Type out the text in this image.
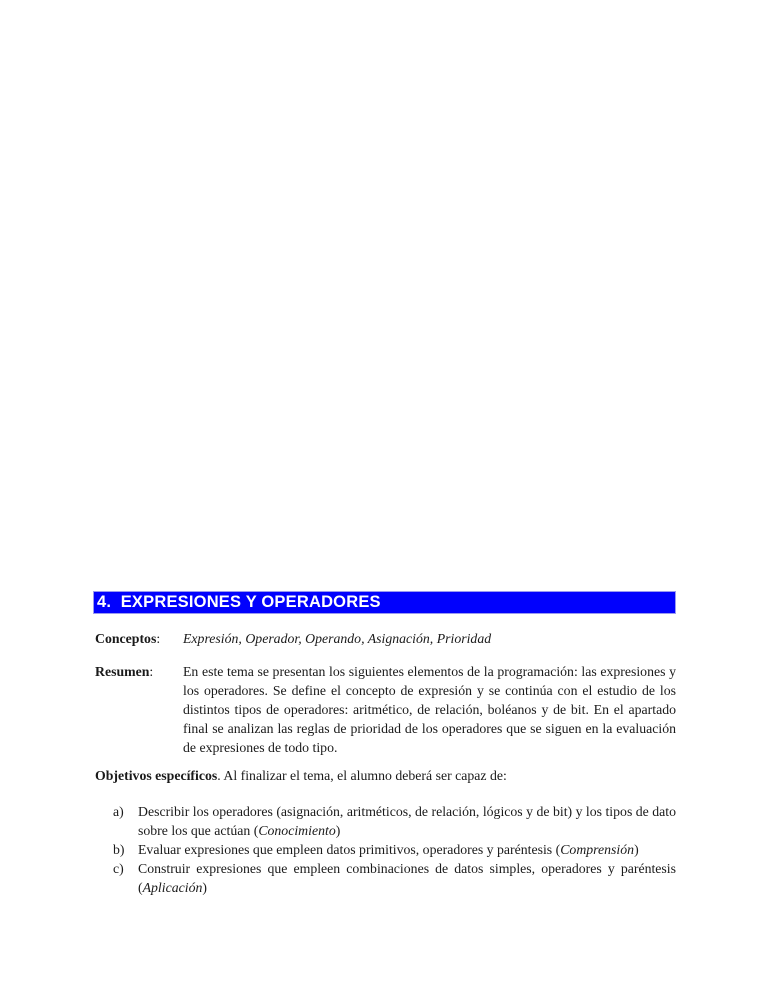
4.  EXPRESIONES Y OPERADORES
Conceptos:	Expresión, Operador, Operando, Asignación, Prioridad
Resumen:	En este tema se presentan los siguientes elementos de la programación: las expresiones y los operadores. Se define el concepto de expresión y se continúa con el estudio de los distintos tipos de operadores: aritmético, de relación, boléanos y de bit. En el apartado final se analizan las reglas de prioridad de los operadores que se siguen en la evaluación de expresiones de todo tipo.
Objetivos específicos. Al finalizar el tema, el alumno deberá ser capaz de:
a)	Describir los operadores (asignación, aritméticos, de relación, lógicos y de bit) y los tipos de dato sobre los que actúan (Conocimiento)
b) Evaluar expresiones que empleen datos primitivos, operadores y paréntesis (Comprensión)
c)	Construir expresiones que empleen combinaciones de datos simples, operadores y paréntesis (Aplicación)
